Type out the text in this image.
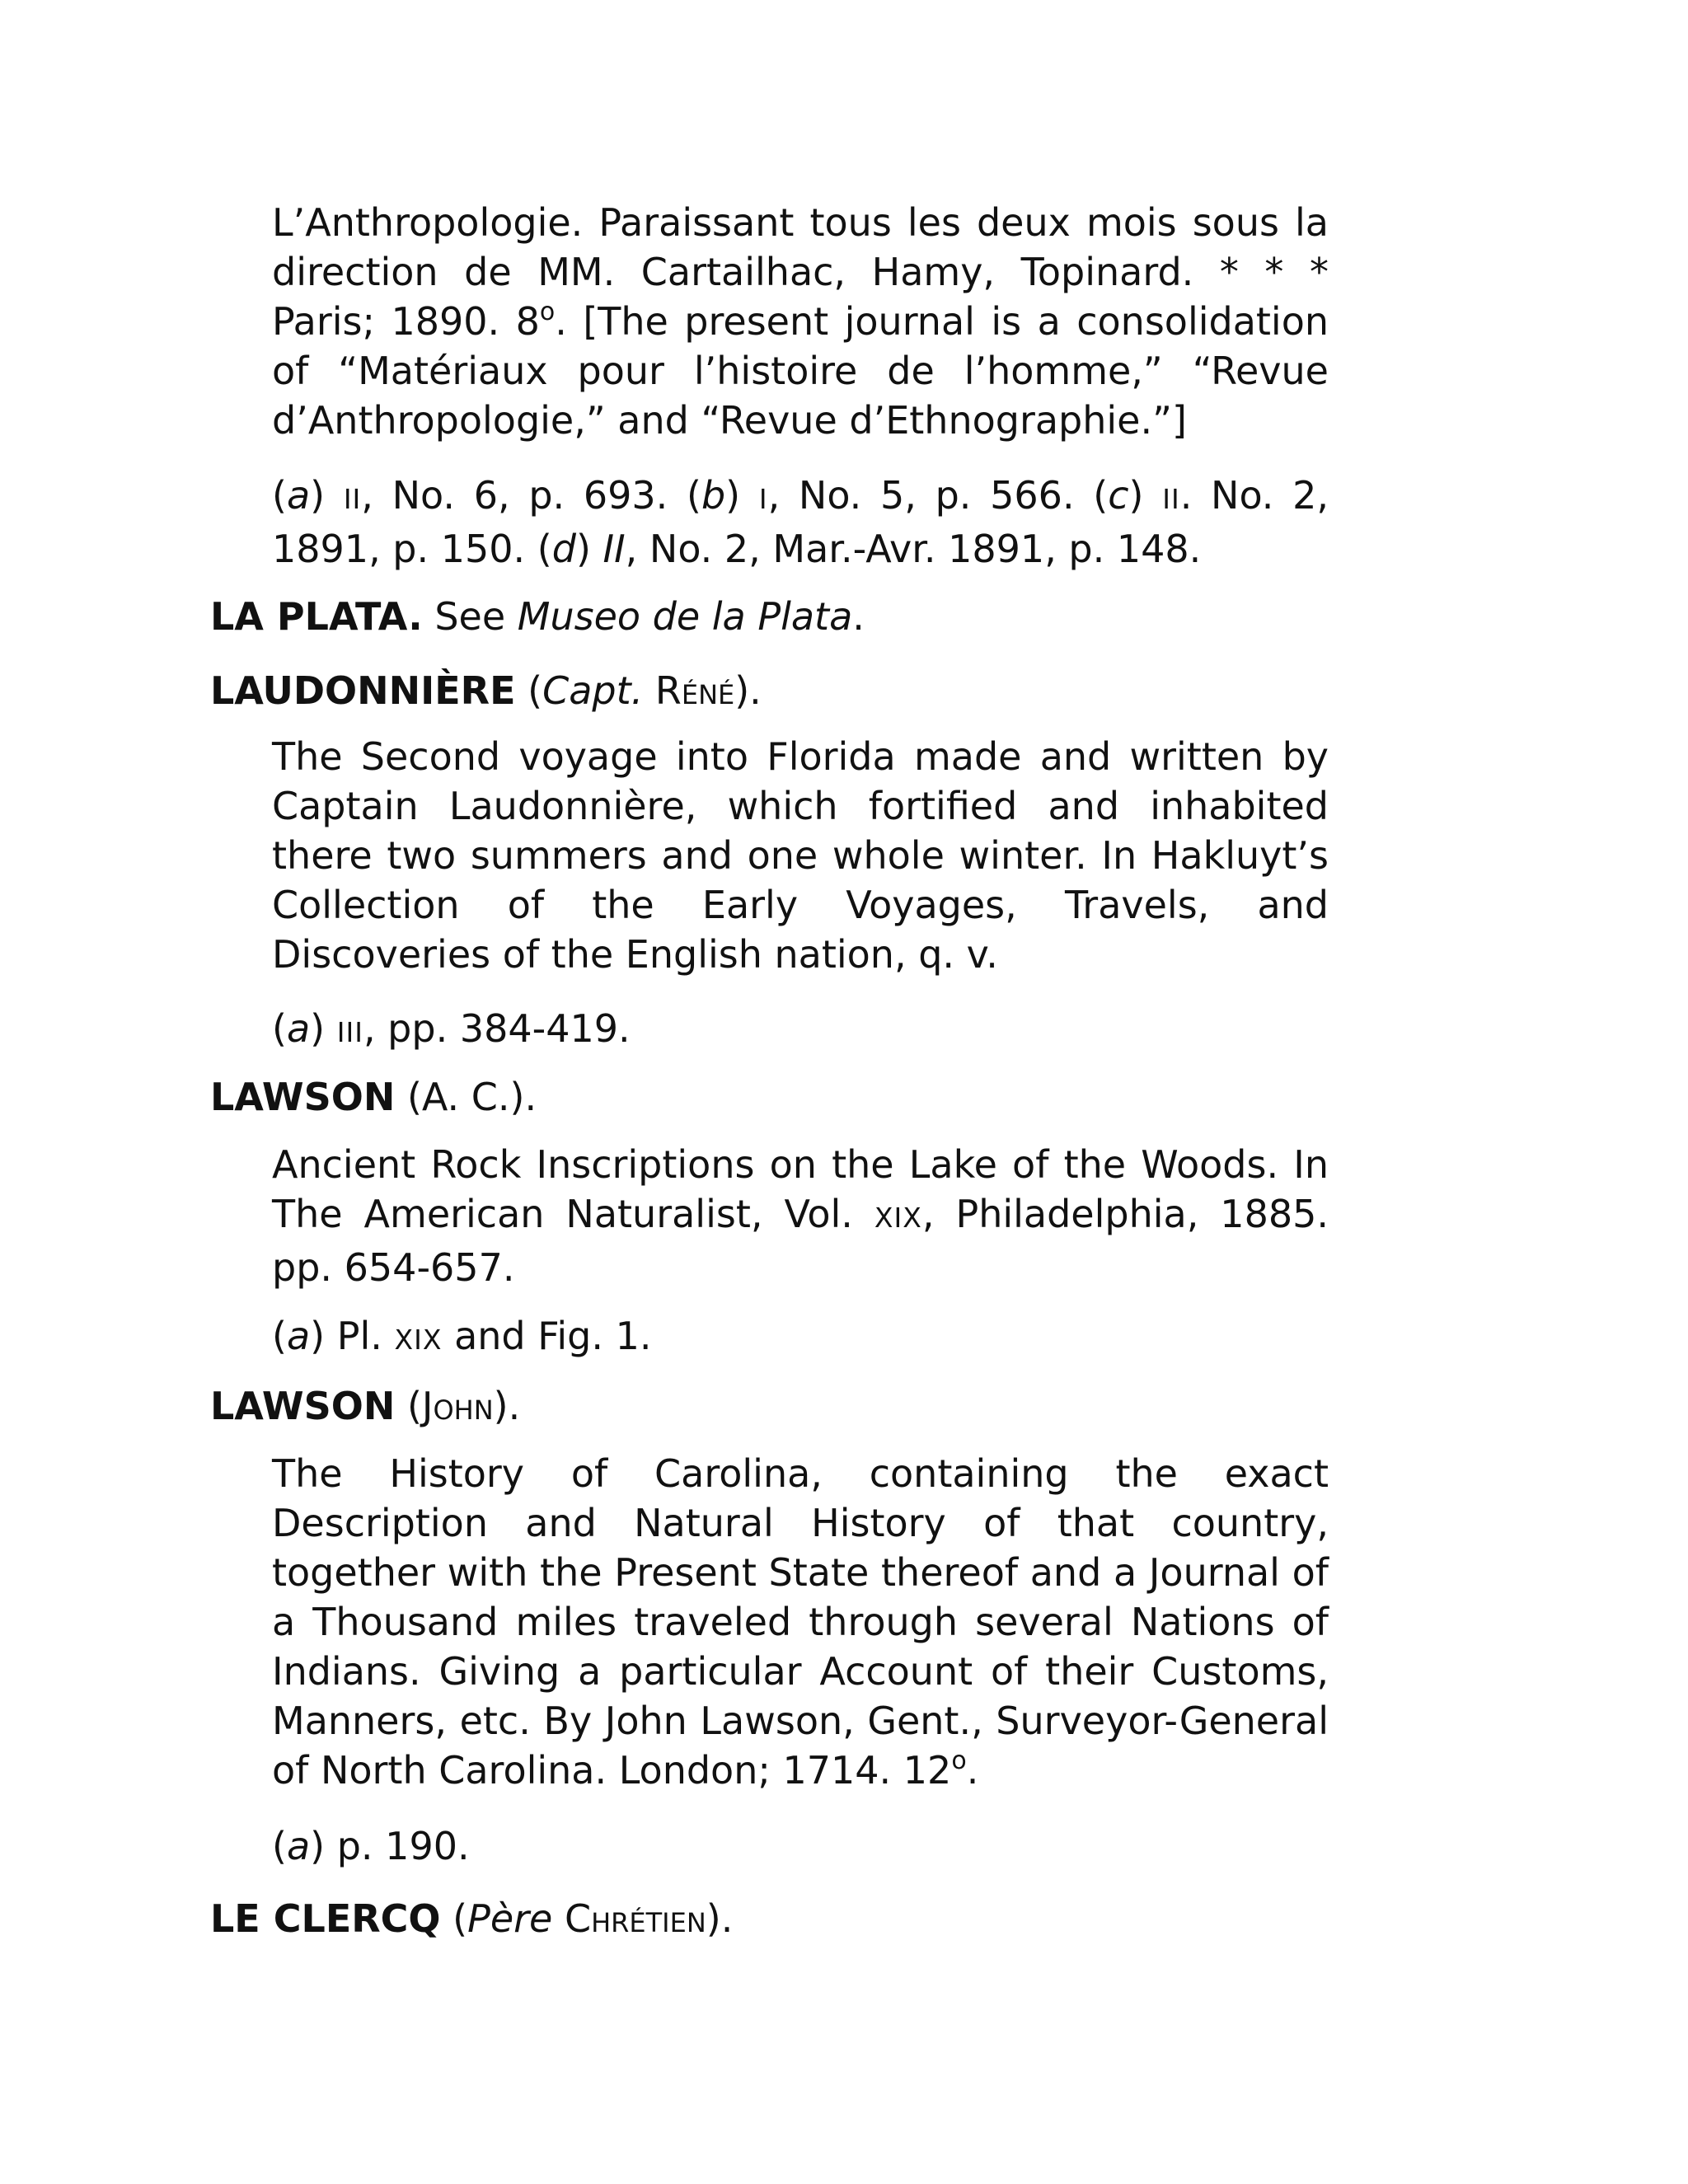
L’Anthropologie. Paraissant tous les deux mois sous la direction de MM. Cartailhac, Hamy, Topinard. * * * Paris; 1890. 8$^o$. [The present journal is a consolidation of “Matériaux pour l’histoire de l’homme,” “Revue d’Anthropologie,” and “Revue d’Ethnographie.”]
(a) II, No. 6, p. 693. (b) I, No. 5, p. 566. (c) II. No. 2, 1891, p. 150. (d) II, No. 2, Mar.-Avr. 1891, p. 148.
LA PLATA. See Museo de la Plata.
LAUDONNIÈRE (Capt. Réné).
The Second voyage into Florida made and written by Captain Laudonnière, which fortified and inhabited there two summers and one whole winter. In Hakluyt’s Collection of the Early Voyages, Travels, and Discoveries of the English nation, q. v.
(a) III, pp. 384-419.
LAWSON (A. C.).
Ancient Rock Inscriptions on the Lake of the Woods. In The American Naturalist, Vol. XIX, Philadelphia, 1885. pp. 654-657.
(a) Pl. XIX and Fig. 1.
LAWSON (John).
The History of Carolina, containing the exact Description and Natural History of that country, together with the Present State thereof and a Journal of a Thousand miles traveled through several Nations of Indians. Giving a particular Account of their Customs, Manners, etc. By John Lawson, Gent., Surveyor-General of North Carolina. London; 1714. 12$^o$.
(a) p. 190.
LE CLERCQ (Père Chrétien).
